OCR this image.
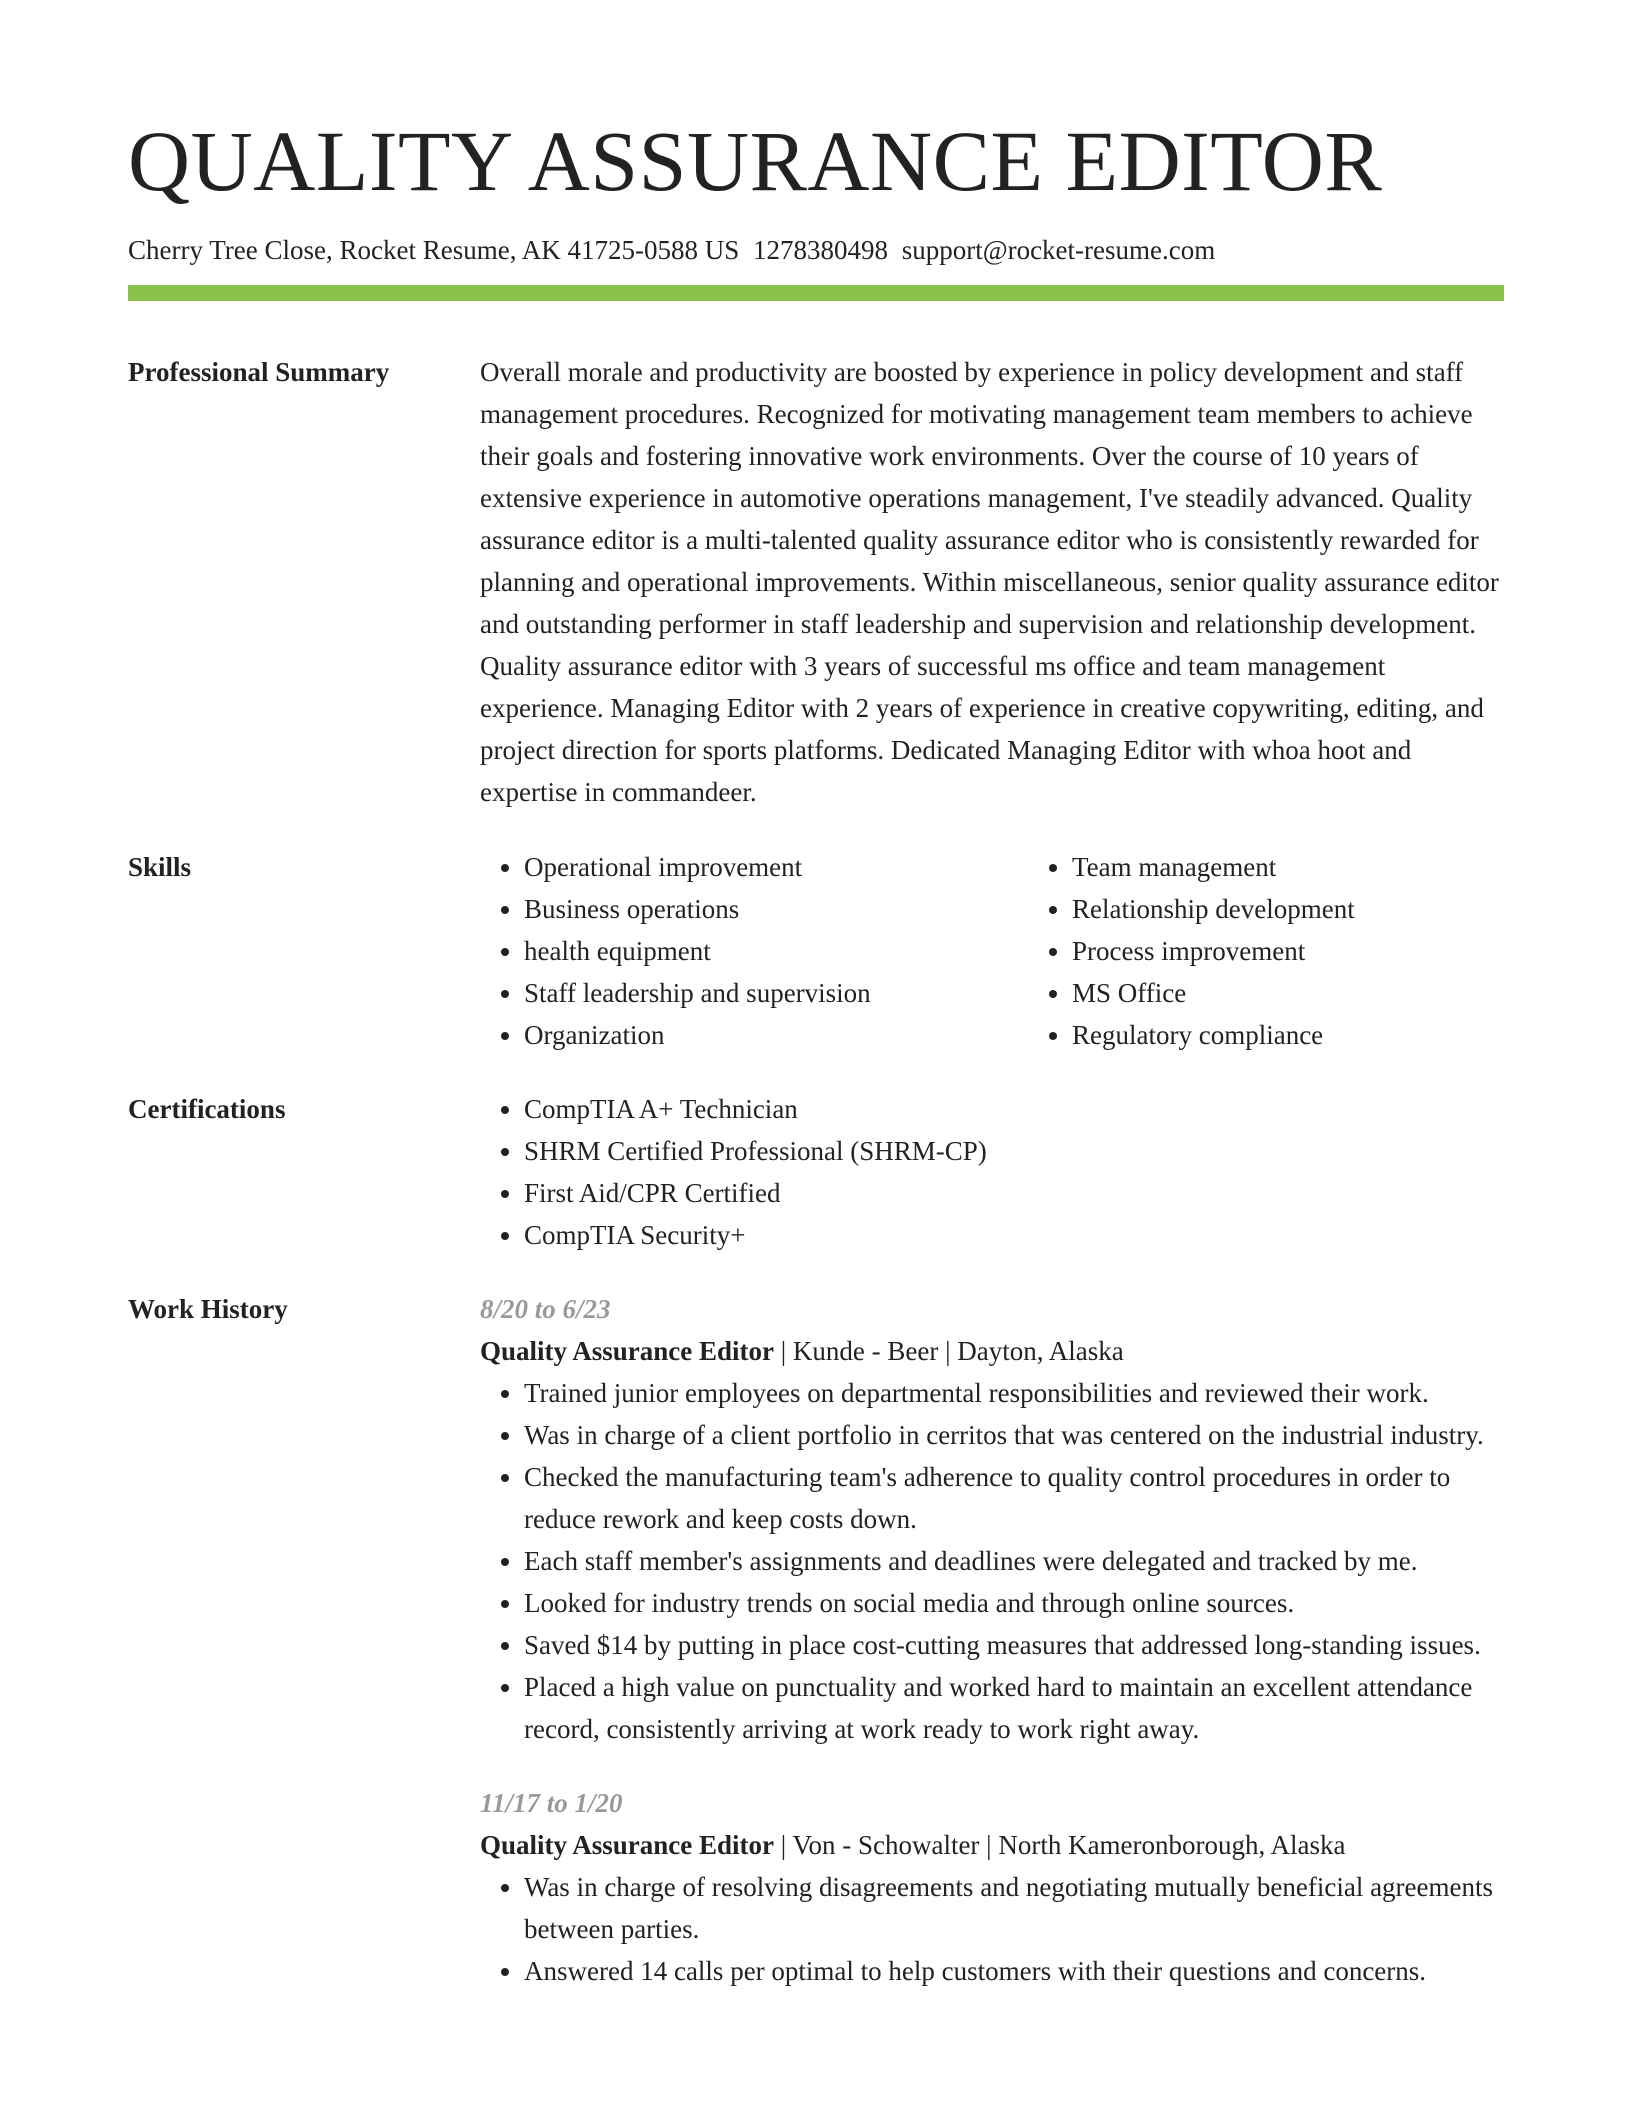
QUALITY ASSURANCE EDITOR
Cherry Tree Close, Rocket Resume, AK 41725-0588 US 1278380498 support@rocket-resume.com
Professional Summary	Overall morale and productivity are boosted by experience in policy development and staff management procedures. Recognized for motivating management team members to achieve their goals and fostering innovative work environments. Over the course of 10 years of extensive experience in automotive operations management, I've steadily advanced. Quality assurance editor is a multi-talented quality assurance editor who is consistently rewarded for planning and operational improvements. Within miscellaneous, senior quality assurance editor and outstanding performer in staff leadership and supervision and relationship development. Quality assurance editor with 3 years of successful ms office and team management experience. Managing Editor with 2 years of experience in creative copywriting, editing, and project direction for sports platforms. Dedicated Managing Editor with whoa hoot and expertise in commandeer.
Skills	• Operational improvement
• Business operations
• health equipment
• Staff leadership and supervision
• Organization
• Team management
• Relationship development
• Process improvement
• MS Office
• Regulatory compliance
Certifications	• CompTIA A+ Technician
• SHRM Certified Professional (SHRM-CP)
• First Aid/CPR Certified
• CompTIA Security+
Work History	8/20 to 6/23
Quality Assurance Editor | Kunde - Beer | Dayton, Alaska
• Trained junior employees on departmental responsibilities and reviewed their work.
• Was in charge of a client portfolio in cerritos that was centered on the industrial industry.
• Checked the manufacturing team's adherence to quality control procedures in order to reduce rework and keep costs down.
• Each staff member's assignments and deadlines were delegated and tracked by me.
• Looked for industry trends on social media and through online sources.
• Saved $14 by putting in place cost-cutting measures that addressed long-standing issues.
• Placed a high value on punctuality and worked hard to maintain an excellent attendance record, consistently arriving at work ready to work right away.
11/17 to 1/20
Quality Assurance Editor | Von - Schowalter | North Kameronborough, Alaska
• Was in charge of resolving disagreements and negotiating mutually beneficial agreements between parties.
• Answered 14 calls per optimal to help customers with their questions and concerns.
